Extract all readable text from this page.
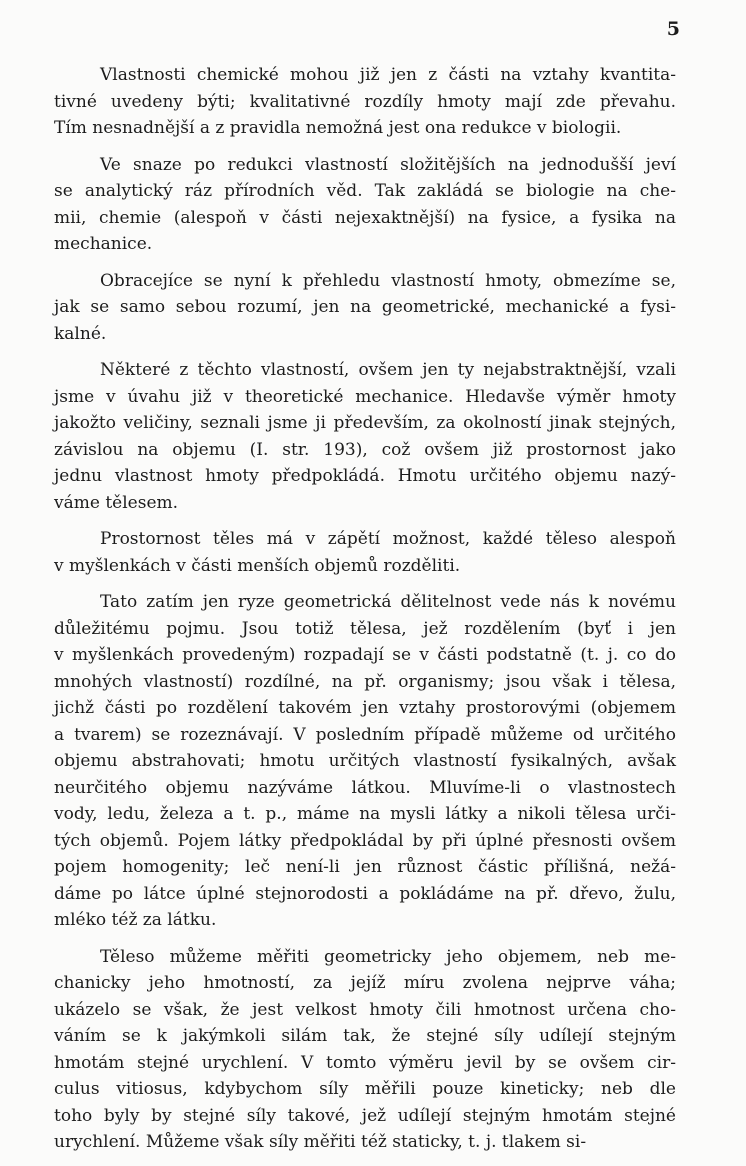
5
Vlastnosti chemické mohou již jen z části na vztahy kvantita-
tivné uvedeny býti; kvalitativné rozdíly hmoty mají zde převahu.
Tím nesnadnější a z pravidla nemožná jest ona redukce v biologii.
Ve snaze po redukci vlastností složitějších na jednodušší jeví
se analytický ráz přírodních věd. Tak zakládá se biologie na che-
mii, chemie (alespoň v části nejexaktnější) na fysice, a fysika na
mechanice.
Obracejíce se nyní k přehledu vlastností hmoty, obmezíme se,
jak se samo sebou rozumí, jen na geometrické, mechanické a fysi-
kalné.
Některé z těchto vlastností, ovšem jen ty nejabstraktnější, vzali
jsme v úvahu již v theoretické mechanice. Hledavše výměr hmoty
jakožto veličiny, seznali jsme ji především, za okolností jinak stejných,
závislou na objemu (I. str. 193), což ovšem již prostornost jako
jednu vlastnost hmoty předpokládá. Hmotu určitého objemu nazý-
váme tělesem.
Prostornost těles má v zápětí možnost, každé těleso alespoň
v myšlenkách v části menších objemů rozděliti.
Tato zatím jen ryze geometrická dělitelnost vede nás k novému
důležitému pojmu. Jsou totiž tělesa, jež rozdělením (byť i jen
v myšlenkách provedeným) rozpadají se v části podstatně (t. j. co do
mnohých vlastností) rozdílné, na př. organismy; jsou však i tělesa,
jichž části po rozdělení takovém jen vztahy prostorovými (objemem
a tvarem) se rozeznávají. V posledním případě můžeme od určitého
objemu abstrahovati; hmotu určitých vlastností fysikalných, avšak
neurčitého objemu nazýváme látkou. Mluvíme-li o vlastnostech
vody, ledu, železa a t. p., máme na mysli látky a nikoli tělesa urči-
tých objemů. Pojem látky předpokládal by při úplné přesnosti ovšem
pojem homogenity; leč není-li jen různost částic přílišná, nežá-
dáme po látce úplné stejnorodosti a pokládáme na př. dřevo, žulu,
mléko též za látku.
Těleso můžeme měřiti geometricky jeho objemem, neb me-
chanicky jeho hmotností, za jejíž míru zvolena nejprve váha;
ukázelo se však, že jest velkost hmoty čili hmotnost určena cho-
váním se k jakýmkoli silám tak, že stejné síly udílejí stejným
hmotám stejné urychlení. V tomto výměru jevil by se ovšem cir-
culus vitiosus, kdybychom síly měřili pouze kineticky; neb dle
toho byly by stejné síly takové, jež udílejí stejným hmotám stejné
urychlení. Můžeme však síly měřiti též staticky, t. j. tlakem si-
